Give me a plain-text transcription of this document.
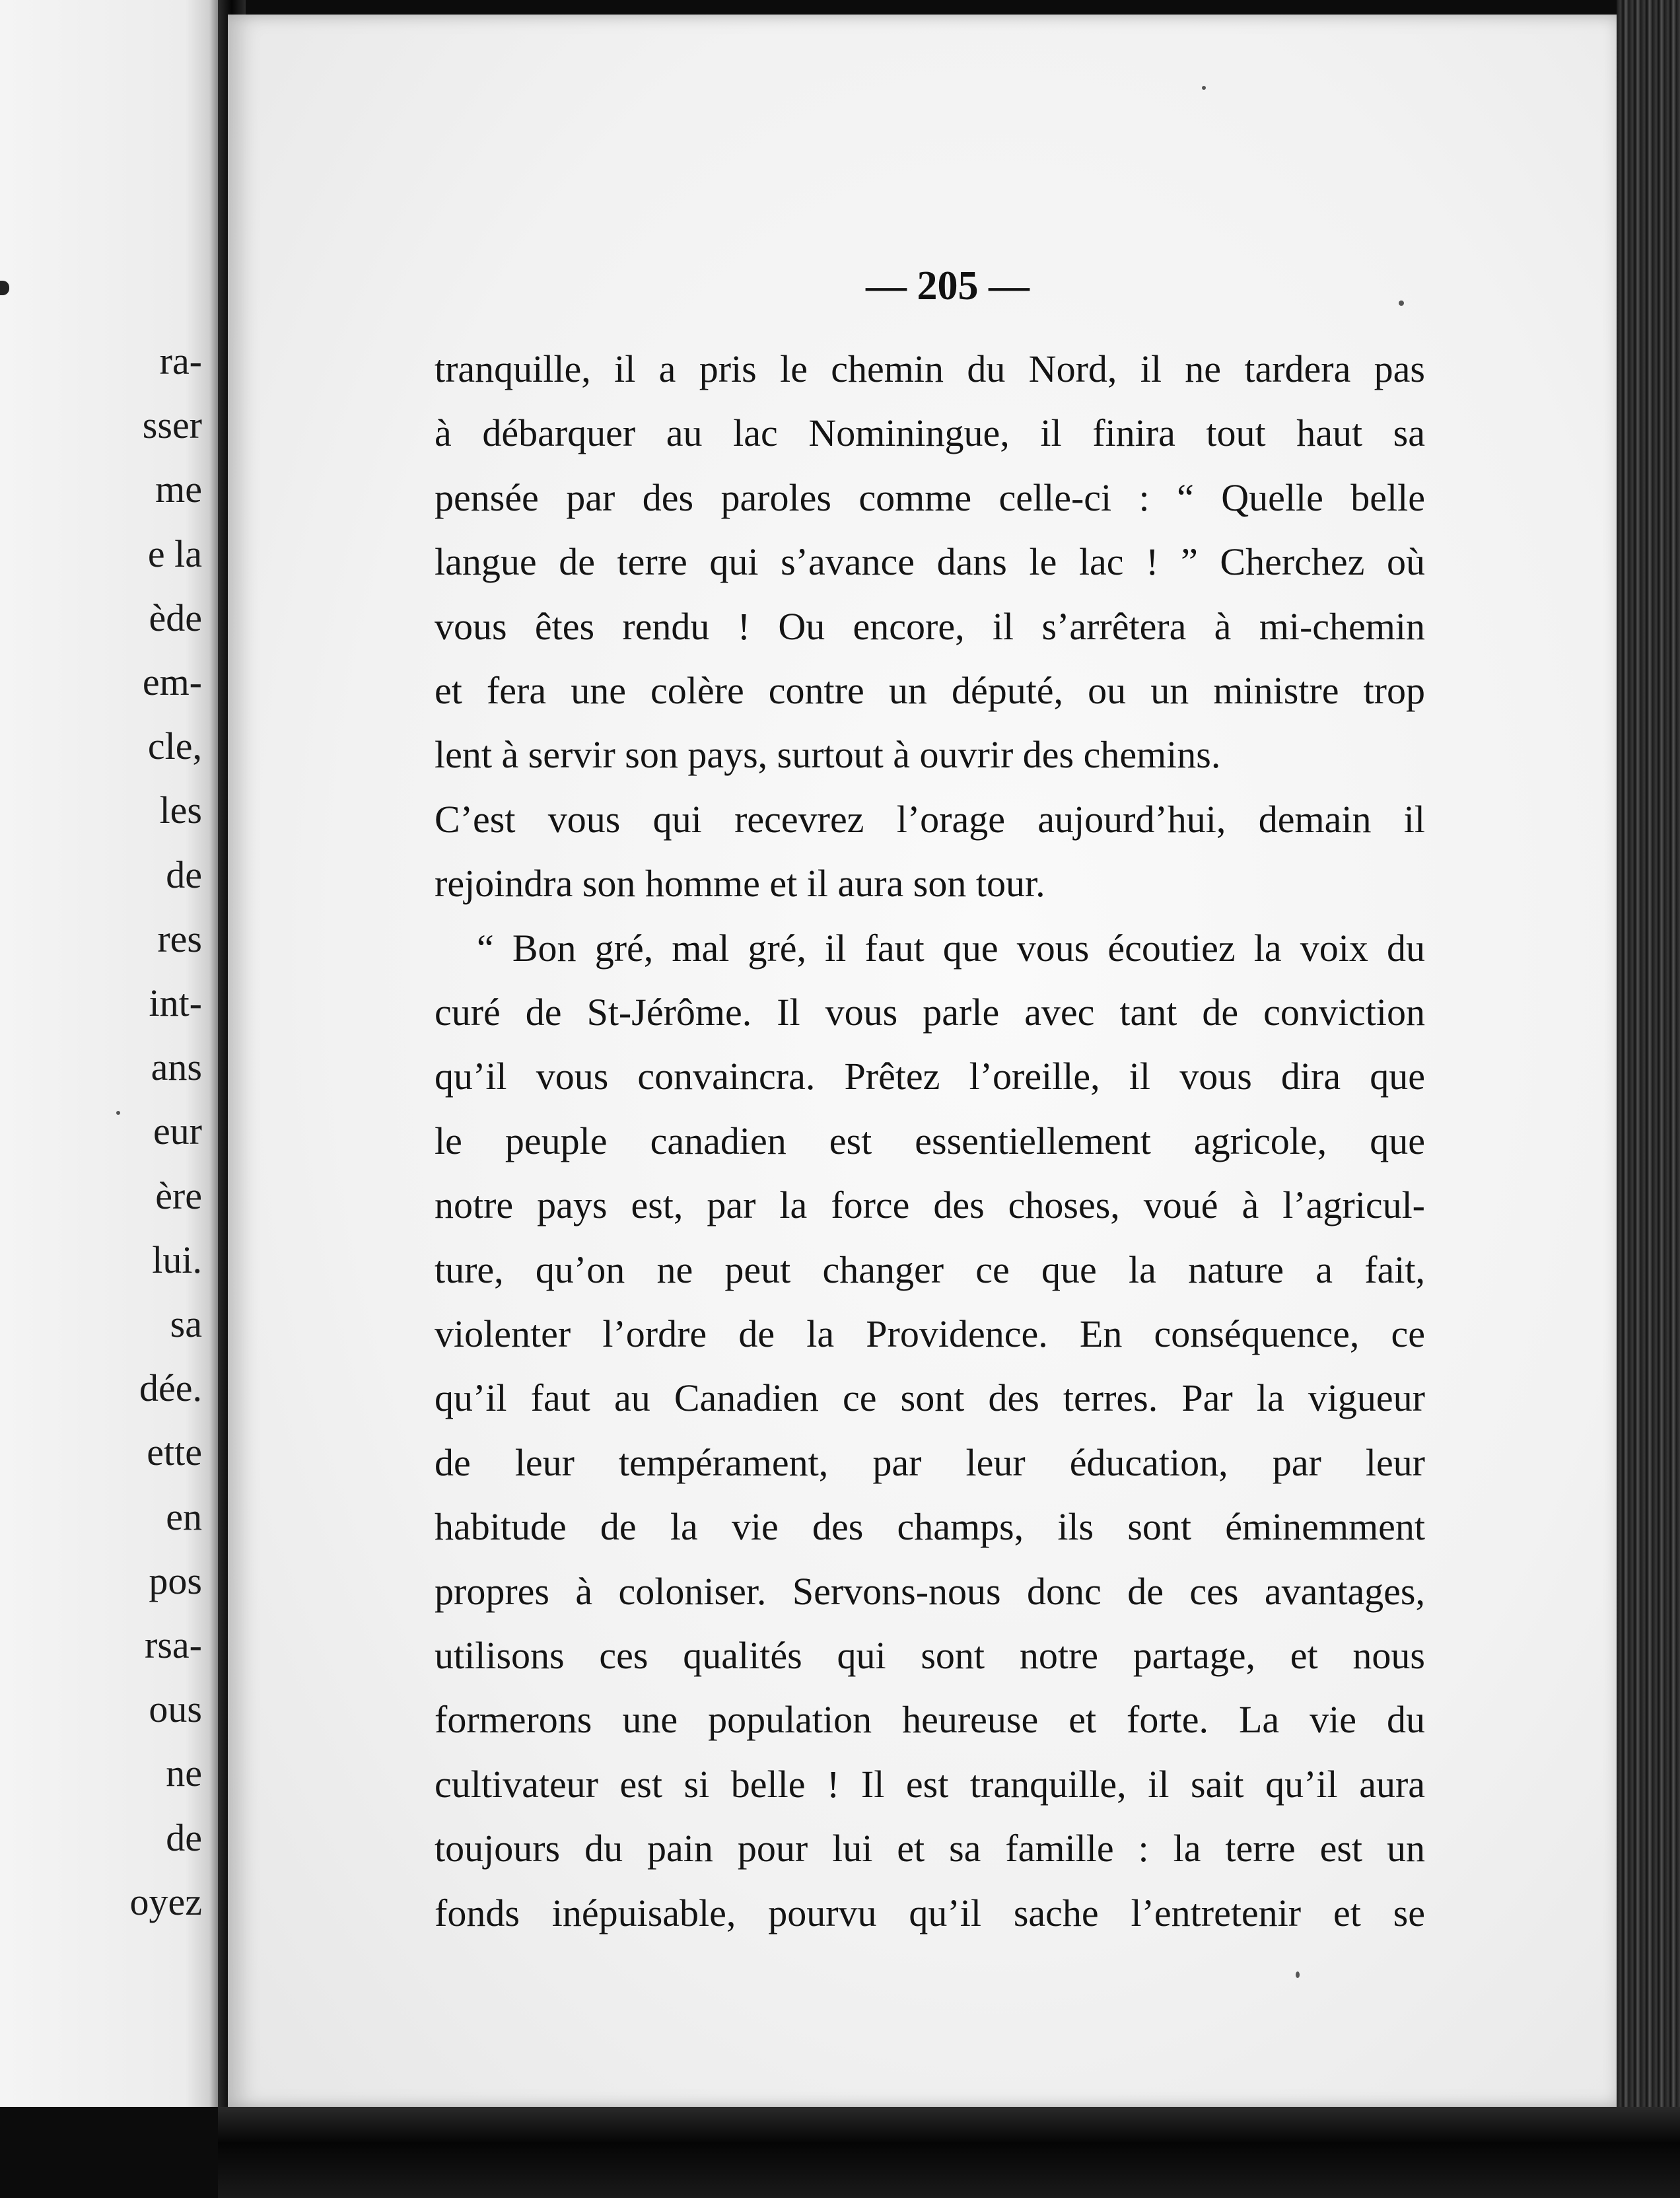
ra-
sser
me
e la
ède
em-
cle,
les
de
res
int-
ans
eur
ère
lui.
sa
dée.
ette
en
pos
rsa-
ous
ne
de
oyez
— 205 —
tranquille, il a pris le chemin du Nord, il ne tardera pas
à débarquer au lac Nominingue, il finira tout haut sa
pensée par des paroles comme celle-ci : “ Quelle belle
langue de terre qui s’avance dans le lac ! ” Cherchez où
vous êtes rendu ! Ou encore, il s’arrêtera à mi-chemin
et fera une colère contre un député, ou un ministre trop
lent à servir son pays, surtout à ouvrir des chemins.
C’est vous qui recevrez l’orage aujourd’hui, demain il
rejoindra son homme et il aura son tour.
“ Bon gré, mal gré, il faut que vous écoutiez la voix du
curé de St-Jérôme. Il vous parle avec tant de conviction
qu’il vous convaincra. Prêtez l’oreille, il vous dira que
le peuple canadien est essentiellement agricole, que
notre pays est, par la force des choses, voué à l’agricul-
ture, qu’on ne peut changer ce que la nature a fait,
violenter l’ordre de la Providence. En conséquence, ce
qu’il faut au Canadien ce sont des terres. Par la vigueur
de leur tempérament, par leur éducation, par leur
habitude de la vie des champs, ils sont éminemment
propres à coloniser. Servons-nous donc de ces avantages,
utilisons ces qualités qui sont notre partage, et nous
formerons une population heureuse et forte. La vie du
cultivateur est si belle ! Il est tranquille, il sait qu’il aura
toujours du pain pour lui et sa famille : la terre est un
fonds inépuisable, pourvu qu’il sache l’entretenir et se
